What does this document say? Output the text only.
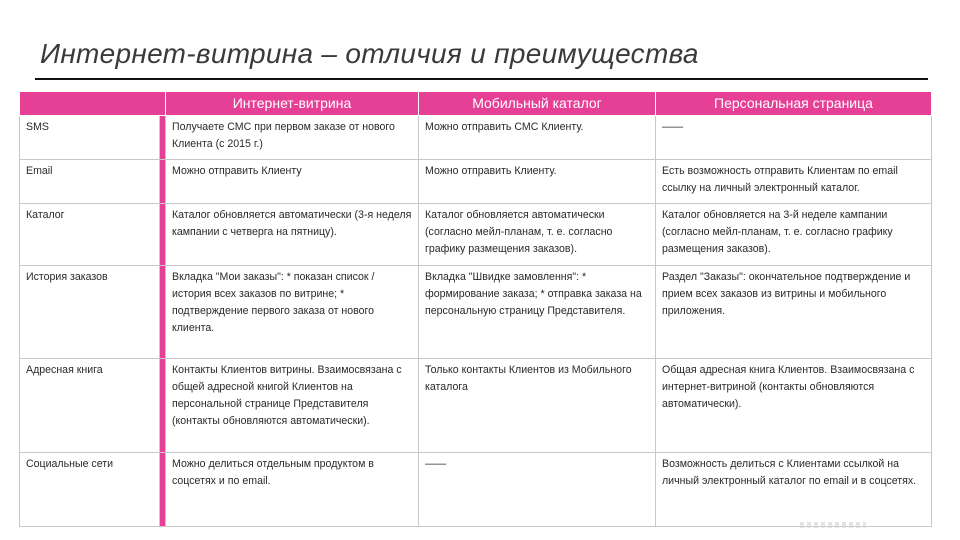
Интернет-витрина – отличия и преимущества
		Интернет-витрина	Мобильный каталог	Персональная страница
SMS		Получаете СМС при первом заказе от нового Клиента (с 2015 г.)	Можно отправить СМС Клиенту.	——
Email		Можно отправить Клиенту	Можно отправить Клиенту.	Есть возможность отправить Клиентам по email ссылку на личный электронный каталог.
Каталог		Каталог обновляется автоматически (3-я неделя кампании с четверга на пятницу).	Каталог обновляется автоматически (согласно мейл-планам, т. е. согласно графику размещения заказов).	Каталог обновляется на 3-й неделе кампании (согласно мейл-планам, т. е. согласно графику размещения заказов).
История заказов		Вкладка "Мои заказы": * показан список / история всех заказов по витрине; * подтверждение первого заказа от нового клиента.	Вкладка "Швидке замовлення": * формирование заказа; * отправка заказа на персональную страницу Представителя.	Раздел "Заказы": окончательное подтверждение и прием всех заказов из витрины и мобильного приложения.
Адресная книга		Контакты Клиентов витрины. Взаимосвязана с общей адресной книгой Клиентов на персональной странице Представителя (контакты обновляются автоматически).	Только контакты Клиентов из Мобильного каталога	Общая адресная книга Клиентов. Взаимосвязана с интернет-витриной (контакты обновляются автоматически).
Социальные сети		Можно делиться отдельным продуктом в соцсетях и по email.	——	Возможность делиться с Клиентами ссылкой на личный электронный каталог по email и в соцсетях.
